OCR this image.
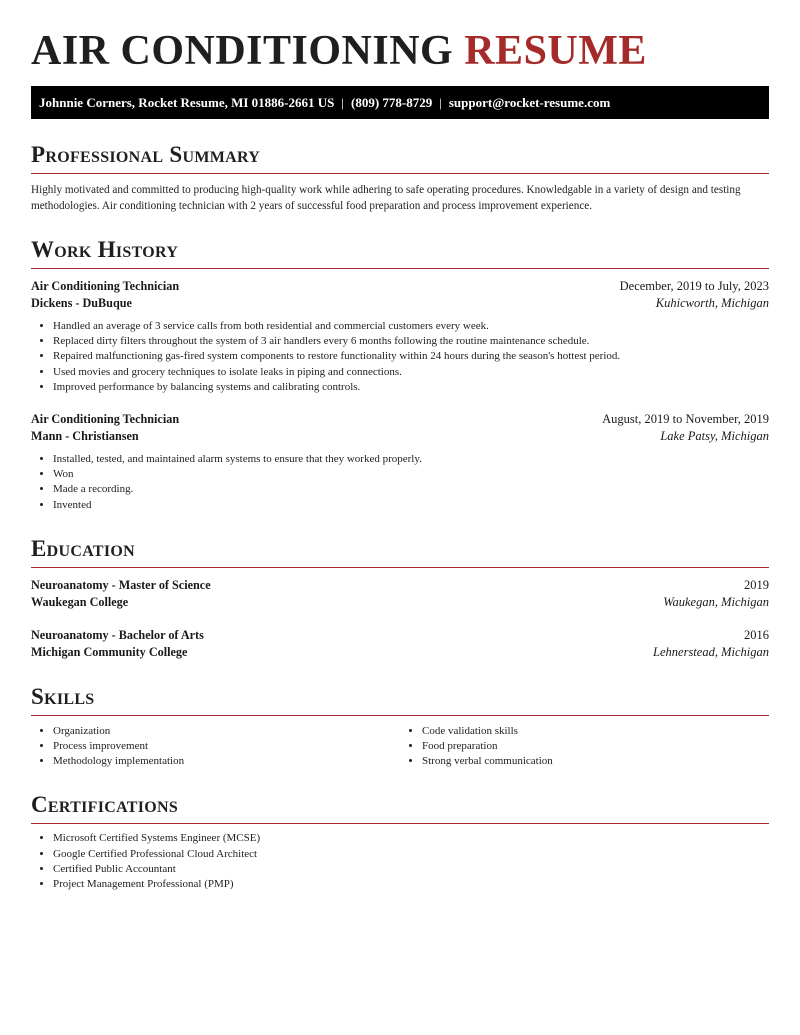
AIR CONDITIONING RESUME
Johnnie Corners, Rocket Resume, MI 01886-2661 US | (809) 778-8729 | support@rocket-resume.com
Professional Summary

Highly motivated and committed to producing high-quality work while adhering to safe operating procedures. Knowledgable in a variety of design and testing methodologies. Air conditioning technician with 2 years of successful food preparation and process improvement experience.

Work History
Air Conditioning Technician	December, 2019 to July, 2023
Dickens - DuBuque	Kuhicworth, Michigan
• Handled an average of 3 service calls from both residential and commercial customers every week.
• Replaced dirty filters throughout the system of 3 air handlers every 6 months following the routine maintenance schedule.
• Repaired malfunctioning gas-fired system components to restore functionality within 24 hours during the season's hottest period.
• Used movies and grocery techniques to isolate leaks in piping and connections.
• Improved performance by balancing systems and calibrating controls.
Air Conditioning Technician	August, 2019 to November, 2019
Mann - Christiansen	Lake Patsy, Michigan
• Installed, tested, and maintained alarm systems to ensure that they worked properly.
• Won
• Made a recording.
• Invented
Education
Neuroanatomy - Master of Science	2019
Waukegan College	Waukegan, Michigan
Neuroanatomy - Bachelor of Arts	2016
Michigan Community College	Lehnerstead, Michigan
Skills
• Organization
• Process improvement
• Methodology implementation
• Code validation skills
• Food preparation
• Strong verbal communication
Certifications
• Microsoft Certified Systems Engineer (MCSE)
• Google Certified Professional Cloud Architect
• Certified Public Accountant
• Project Management Professional (PMP)
